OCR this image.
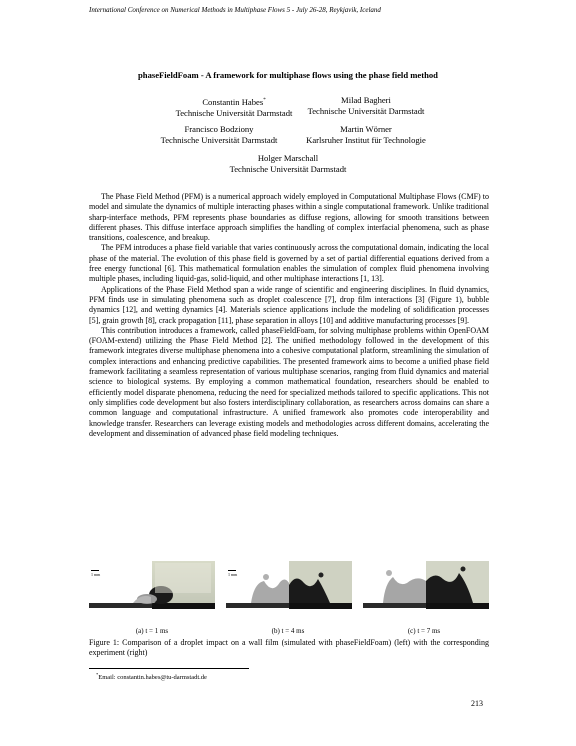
International Conference on Numerical Methods in Multiphase Flows 5 - July 26-28, Reykjavik, Iceland
phaseFieldFoam - A framework for multiphase flows using the phase field method
Constantin Habes*
Technische Universität Darmstadt
Milad Bagheri
Technische Universität Darmstadt
Francisco Bodziony
Technische Universität Darmstadt
Martin Wörner
Karlsruher Institut für Technologie
Holger Marschall
Technische Universität Darmstadt

The Phase Field Method (PFM) is a numerical approach widely employed in Computational Multiphase Flows (CMF) to model and simulate the dynamics of multiple interacting phases within a single computational framework. Unlike traditional sharp-interface methods, PFM represents phase boundaries as diffuse regions, allowing for smooth transitions between different phases. This diffuse interface approach simplifies the handling of complex interfacial phenomena, such as phase transitions, coalescence, and breakup.

The PFM introduces a phase field variable that varies continuously across the computational domain, indicating the local phase of the material. The evolution of this phase field is governed by a set of partial differential equations derived from a free energy functional [6]. This mathematical formulation enables the simulation of complex fluid phenomena involving multiple phases, including liquid-gas, solid-liquid, and other multiphase interactions [1, 13].

Applications of the Phase Field Method span a wide range of scientific and engineering disciplines. In fluid dynamics, PFM finds use in simulating phenomena such as droplet coalescence [7], drop film interactions [3] (Figure 1), bubble dynamics [12], and wetting dynamics [4]. Materials science applications include the modeling of solidification processes [5], grain growth [8], crack propagation [11], phase separation in alloys [10] and additive manufacturing processes [9].

This contribution introduces a framework, called phaseFieldFoam, for solving multiphase problems within OpenFOAM (FOAM-extend) utilizing the Phase Field Method [2]. The unified methodology followed in the development of this framework integrates diverse multiphase phenomena into a cohesive computational platform, streamlining the simulation of complex interactions and enhancing predictive capabilities. The presented framework aims to become a unified phase field framework facilitating a seamless representation of various multiphase scenarios, ranging from fluid dynamics and material science to biological systems. By employing a common mathematical foundation, researchers should be enabled to efficiently model disparate phenomena, reducing the need for specialized methods tailored to specific applications. This not only simplifies code development but also fosters interdisciplinary collaboration, as researchers across domains can share a common language and computational infrastructure. A unified framework also promotes code interoperability and knowledge transfer. Researchers can leverage existing models and methodologies across different domains, accelerating the development and dissemination of advanced phase field modeling techniques.

1 mm	1 mm
(a) t = 1 ms	(b) t = 4 ms	(c) t = 7 ms
Figure 1: Comparison of a droplet impact on a wall film (simulated with phaseFieldFoam) (left) with the corresponding experiment (right)
*Email: constantin.habes@tu-darmstadt.de
213
